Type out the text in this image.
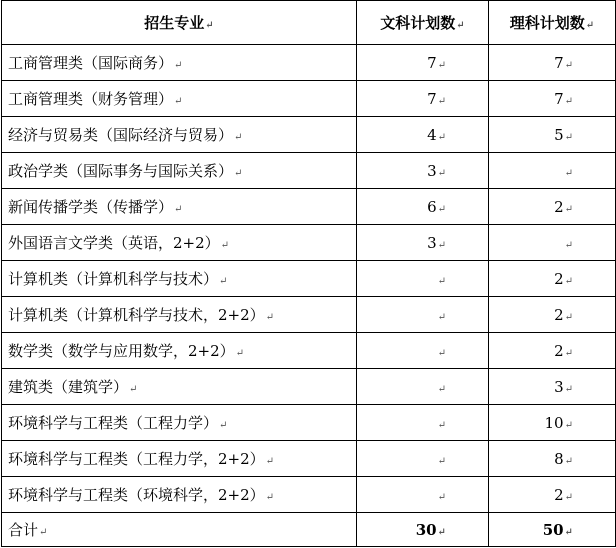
招生专业↵	文科计划数↵	理科计划数↵
工商管理类（国际商务）↵	7↵	7↵
工商管理类（财务管理）↵	7↵	7↵
经济与贸易类（国际经济与贸易）↵	4↵	5↵
政治学类（国际事务与国际关系）↵	3↵	↵
新闻传播学类（传播学）↵	6↵	2↵
外国语言文学类（英语，2+2）↵	3↵	↵
计算机类（计算机科学与技术）↵	↵	2↵
计算机类（计算机科学与技术，2+2）↵	↵	2↵
数学类（数学与应用数学，2+2）↵	↵	2↵
建筑类（建筑学）↵	↵	3↵
环境科学与工程类（工程力学）↵	↵	10↵
环境科学与工程类（工程力学，2+2）↵	↵	8↵
环境科学与工程类（环境科学，2+2）↵	↵	2↵
合计↵	30↵	50↵
